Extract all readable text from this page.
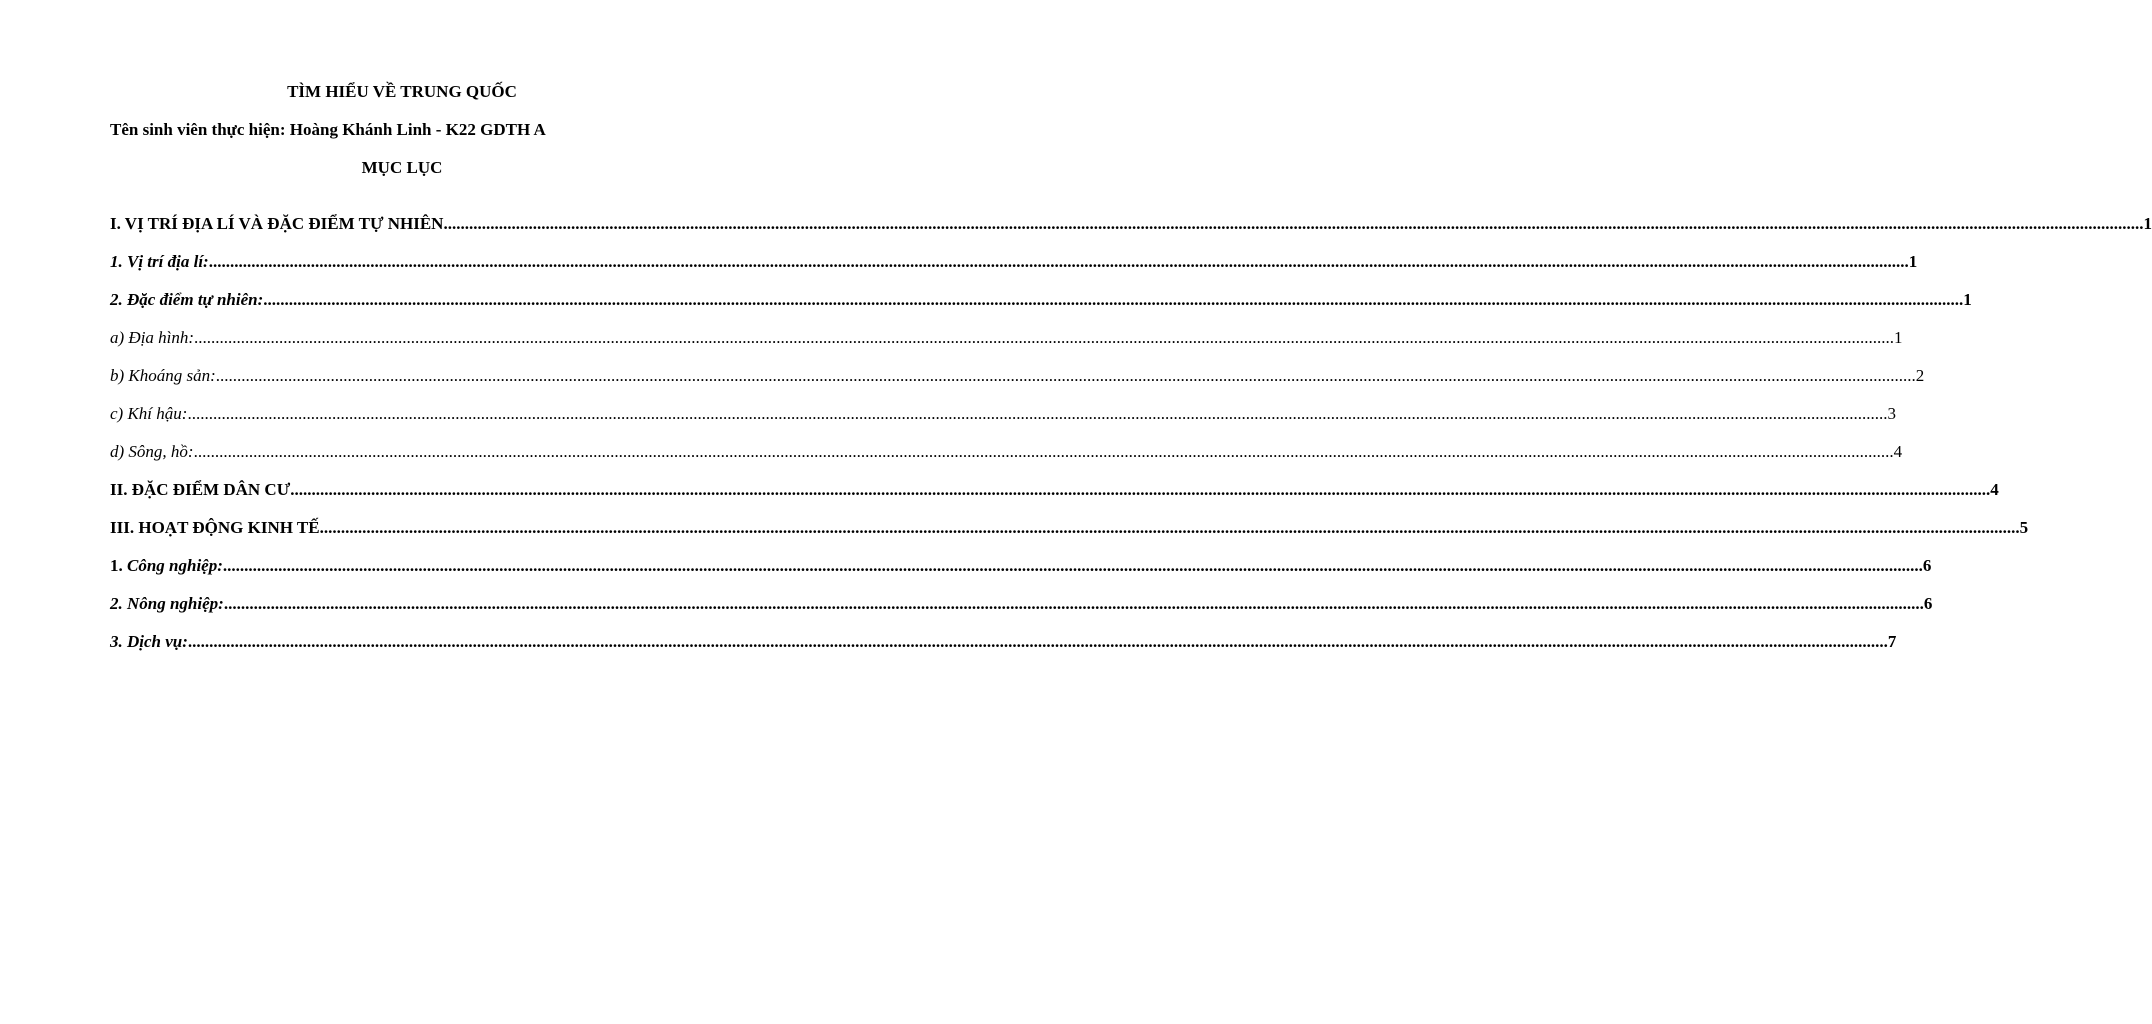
TÌM HIỂU VỀ TRUNG QUỐC
Tên sinh viên thực hiện: Hoàng Khánh Linh - K22 GDTH A
MỤC LỤC
I. VỊ TRÍ ĐỊA LÍ VÀ ĐẶC ĐIỂM TỰ NHIÊN ................................................................................................................................................................................................................................................................................................................................................................................................................ 1
1. Vị trí địa lí: ................................................................................................................................................................................................................................................................................................................................................................................................................ 1
2. Đặc điểm tự nhiên: ................................................................................................................................................................................................................................................................................................................................................................................................................ 1
a) Địa hình: ................................................................................................................................................................................................................................................................................................................................................................................................................ 1
b) Khoáng sản: ................................................................................................................................................................................................................................................................................................................................................................................................................ 2
c) Khí hậu: ................................................................................................................................................................................................................................................................................................................................................................................................................ 3
d) Sông, hồ: ................................................................................................................................................................................................................................................................................................................................................................................................................ 4
II. ĐẶC ĐIỂM DÂN CƯ ................................................................................................................................................................................................................................................................................................................................................................................................................ 4
III. HOẠT ĐỘNG KINH TẾ ................................................................................................................................................................................................................................................................................................................................................................................................................ 5
1. Công nghiệp: ................................................................................................................................................................................................................................................................................................................................................................................................................ 6
2. Nông nghiệp: ................................................................................................................................................................................................................................................................................................................................................................................................................ 6
3. Dịch vụ: ................................................................................................................................................................................................................................................................................................................................................................................................................ 7
